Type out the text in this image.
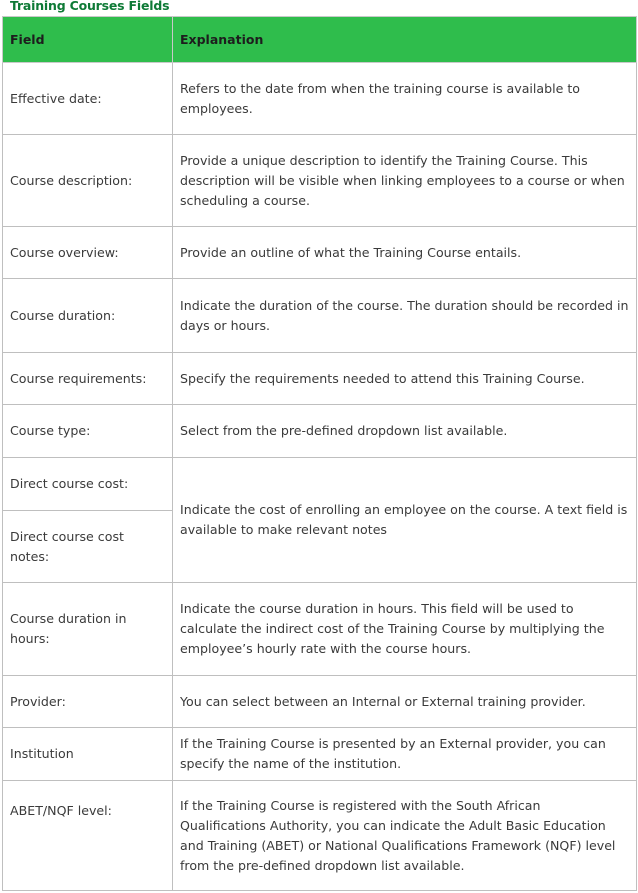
Training Courses Fields
Field	Explanation
Effective date:	Refers to the date from when the training course is available to employees.
Course description:	Provide a unique description to identify the Training Course. This description will be visible when linking employees to a course or when scheduling a course.
Course overview:	Provide an outline of what the Training Course entails.
Course duration:	Indicate the duration of the course. The duration should be recorded in days or hours.
Course requirements:	Specify the requirements needed to attend this Training Course.
Course type:	Select from the pre-defined dropdown list available.
Direct course cost:	Indicate the cost of enrolling an employee on the course. A text field is available to make relevant notes
Direct course cost notes:	
Course duration in hours:	Indicate the course duration in hours. This field will be used to calculate the indirect cost of the Training Course by multiplying the employee’s hourly rate with the course hours.
Provider:	You can select between an Internal or External training provider.
Institution	If the Training Course is presented by an External provider, you can specify the name of the institution.
ABET/NQF level:	If the Training Course is registered with the South African Qualifications Authority, you can indicate the Adult Basic Education and Training (ABET) or National Qualifications Framework (NQF) level from the pre-defined dropdown list available.
